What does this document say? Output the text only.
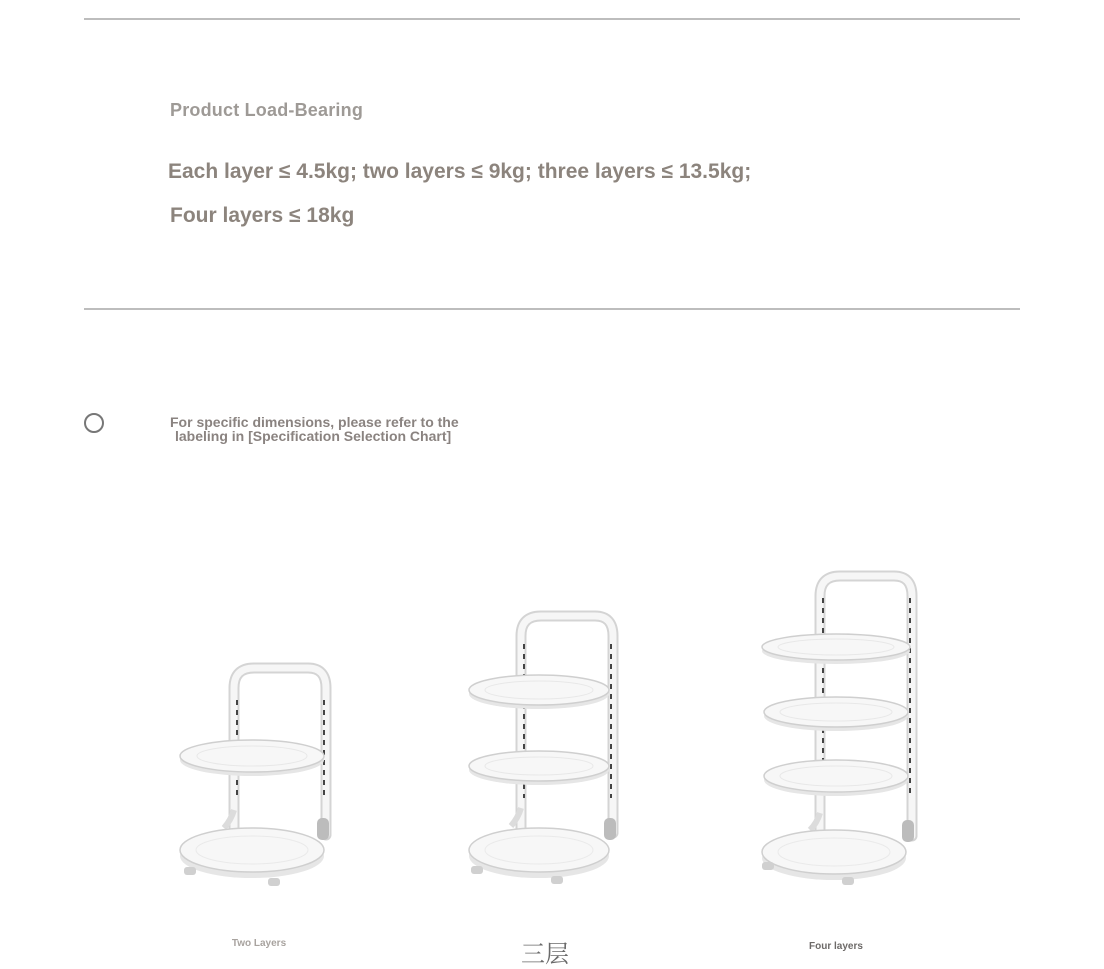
Product Load-Bearing
Each layer ≤ 4.5kg; two layers ≤ 9kg; three layers ≤ 13.5kg;
Four layers ≤ 18kg
For specific dimensions, please refer to the
labeling in [Specification Selection Chart]
Two Layers	三层	Four layers
